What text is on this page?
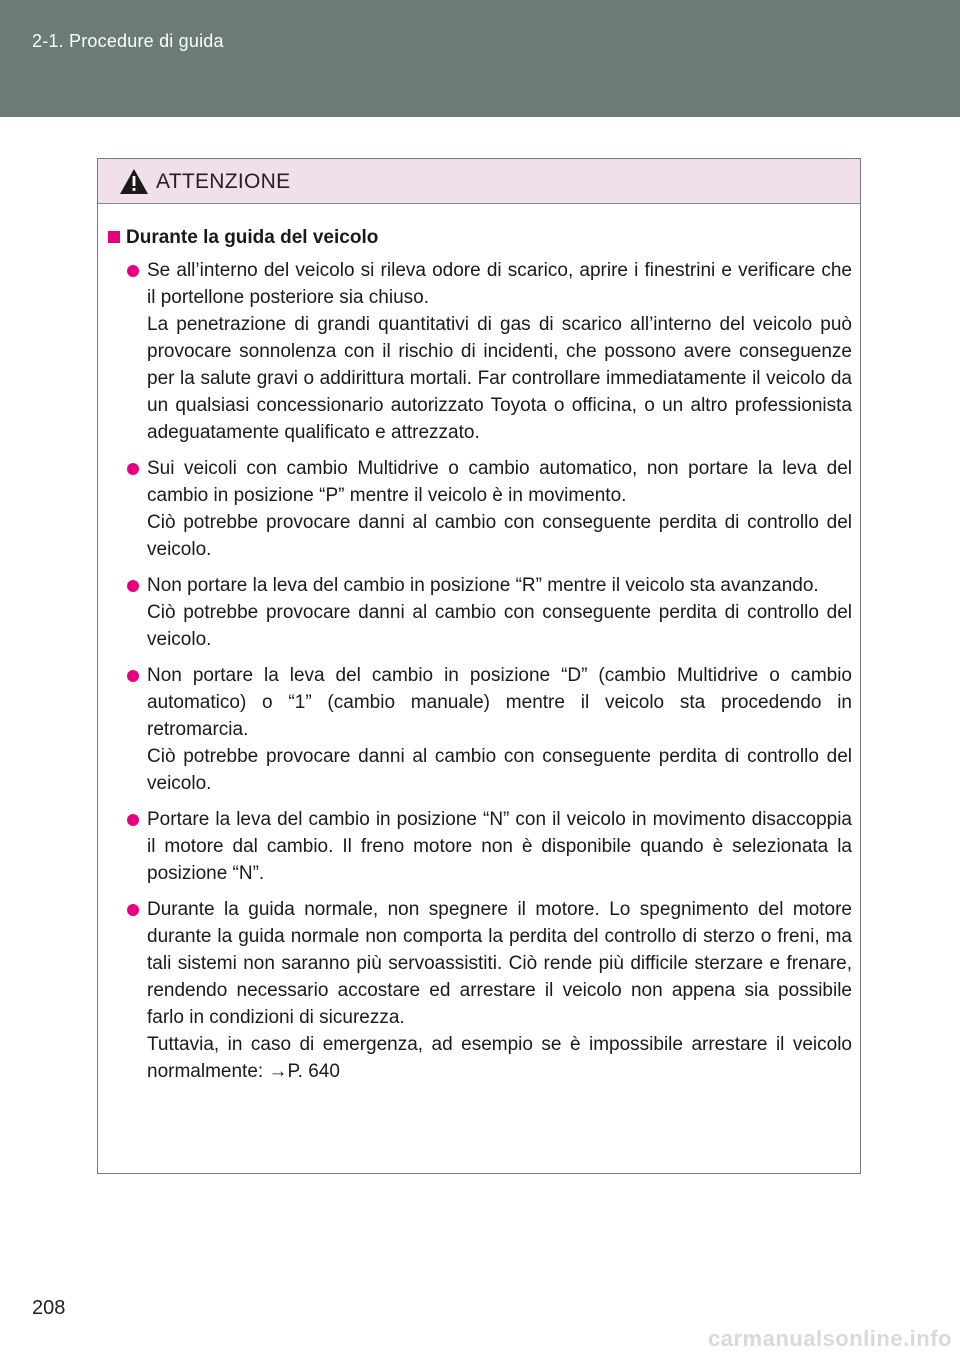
2-1. Procedure di guida
ATTENZIONE
Durante la guida del veicolo

Se all’interno del veicolo si rileva odore di scarico, aprire i finestrini e verificare che il portellone posteriore sia chiuso.

La penetrazione di grandi quantitativi di gas di scarico all’interno del veicolo può provocare sonnolenza con il rischio di incidenti, che possono avere conseguenze per la salute gravi o addirittura mortali. Far controllare immediatamente il veicolo da un qualsiasi concessionario autorizzato Toyota o officina, o un altro professionista adeguatamente qualificato e attrezzato.

Sui veicoli con cambio Multidrive o cambio automatico, non portare la leva del cambio in posizione “P” mentre il veicolo è in movimento.

Ciò potrebbe provocare danni al cambio con conseguente perdita di controllo del veicolo.

Non portare la leva del cambio in posizione “R” mentre il veicolo sta avanzando.

Ciò potrebbe provocare danni al cambio con conseguente perdita di controllo del veicolo.

Non portare la leva del cambio in posizione “D” (cambio Multidrive o cambio automatico) o “1” (cambio manuale) mentre il veicolo sta procedendo in retromarcia.

Ciò potrebbe provocare danni al cambio con conseguente perdita di controllo del veicolo.

Portare la leva del cambio in posizione “N” con il veicolo in movimento disaccoppia il motore dal cambio. Il freno motore non è disponibile quando è selezionata la posizione “N”.

Durante la guida normale, non spegnere il motore. Lo spegnimento del motore durante la guida normale non comporta la perdita del controllo di sterzo o freni, ma tali sistemi non saranno più servoassistiti. Ciò rende più difficile sterzare e frenare, rendendo necessario accostare ed arrestare il veicolo non appena sia possibile farlo in condizioni di sicurezza.

Tuttavia, in caso di emergenza, ad esempio se è impossibile arrestare il veicolo normalmente: →P. 640

208
carmanualsonline.info
